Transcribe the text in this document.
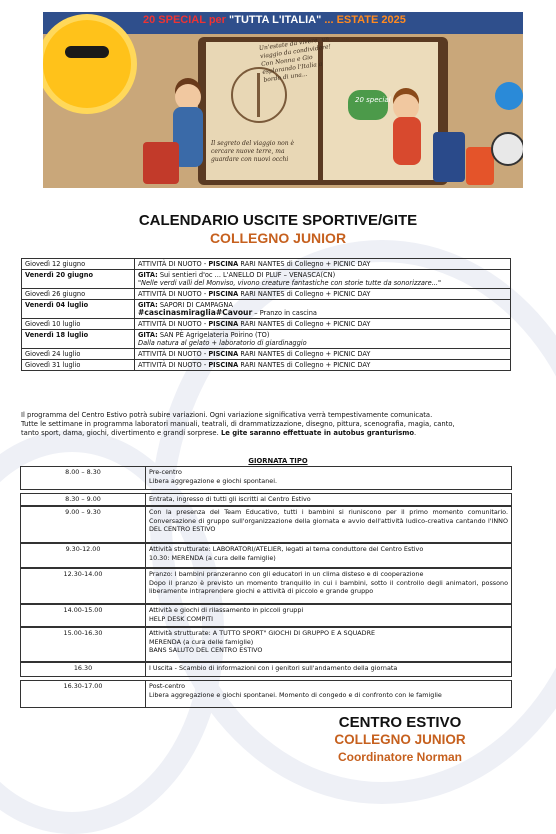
20 SPECIAL per "TUTTA L'ITALIA" ... ESTATE 2025
Un'estate da vivere, un viaggio da condividere! Con Nonna e Gio esplorando l'Italia a bordo di una...
Il segreto del viaggio non è cercare nuove terre, ma guardare con nuovi occhi
20 special
CALENDARIO USCITE SPORTIVE/GITE
COLLEGNO JUNIOR
Giovedì 12 giugno	ATTIVITÀ DI NUOTO - PISCINA RARI NANTES di Collegno + PICNIC DAY

Venerdì 20 giugno	GITA: Sui sentieri d'oc ... L'ANELLO DI PLUF – VENASCA(CN)
"Nelle verdi valli del Monviso, vivono creature fantastiche con storie tutte da sonorizzare..."

Giovedì 26 giugno	ATTIVITÀ DI NUOTO - PISCINA RARI NANTES di Collegno + PICNIC DAY

Venerdì 04 luglio	GITA: SAPORI DI CAMPAGNA
#cascinasmiraglia#Cavour – Pranzo in cascina

Giovedì 10 luglio	ATTIVITÀ DI NUOTO - PISCINA RARI NANTES di Collegno + PICNIC DAY

Venerdì 18 luglio	GITA: SAN PÈ Agrigelateria Poirino (TO)
Dalla natura al gelato + laboratorio di giardinaggio

Giovedì 24 luglio	ATTIVITÀ DI NUOTO - PISCINA RARI NANTES di Collegno + PICNIC DAY

Giovedì 31 luglio	ATTIVITÀ DI NUOTO - PISCINA RARI NANTES di Collegno + PICNIC DAY
Il programma del Centro Estivo potrà subire variazioni. Ogni variazione significativa verrà tempestivamente comunicata.
Tutte le settimane in programma laboratori manuali, teatrali, di drammatizzazione, disegno, pittura, scenografia, magia, canto,
tanto sport, dama, giochi, divertimento e grandi sorprese. Le gite saranno effettuate in autobus granturismo.
GIORNATA TIPO
8.00 – 8.30	Pre-centro
Libera aggregazione e giochi spontanei.
8.30 – 9.00	Entrata, ingresso di tutti gli iscritti al Centro Estivo
9.00 – 9.30	Con la presenza del Team Educativo, tutti i bambini si riuniscono per il primo momento comunitario. Conversazione di gruppo sull'organizzazione della giornata e avvio dell'attività ludico-creativa cantando l'INNO DEL CENTRO ESTIVO
9.30-12.00	Attività strutturate: LABORATORI/ATELIER, legati al tema conduttore del Centro Estivo
10.30: MERENDA (a cura delle famiglie)
12.30-14.00	Pranzo: I bambini pranzeranno con gli educatori in un clima disteso e di cooperazione
Dopo il pranzo è previsto un momento tranquillo in cui i bambini, sotto il controllo degli animatori, possono liberamente intraprendere giochi e attività di piccolo e grande gruppo
14.00-15.00	Attività e giochi di rilassamento in piccoli gruppi
HELP DESK COMPITI
15.00-16.30	Attività strutturate: A TUTTO SPORT" GIOCHI DI GRUPPO E A SQUADRE
MERENDA (a cura delle famiglie)
BANS SALUTO DEL CENTRO ESTIVO
16.30	I Uscita - Scambio di informazioni con i genitori sull'andamento della giornata
16.30-17.00	Post-centro
Libera aggregazione e giochi spontanei. Momento di congedo e di confronto con le famiglie
CENTRO ESTIVO
COLLEGNO JUNIOR
Coordinatore Norman
